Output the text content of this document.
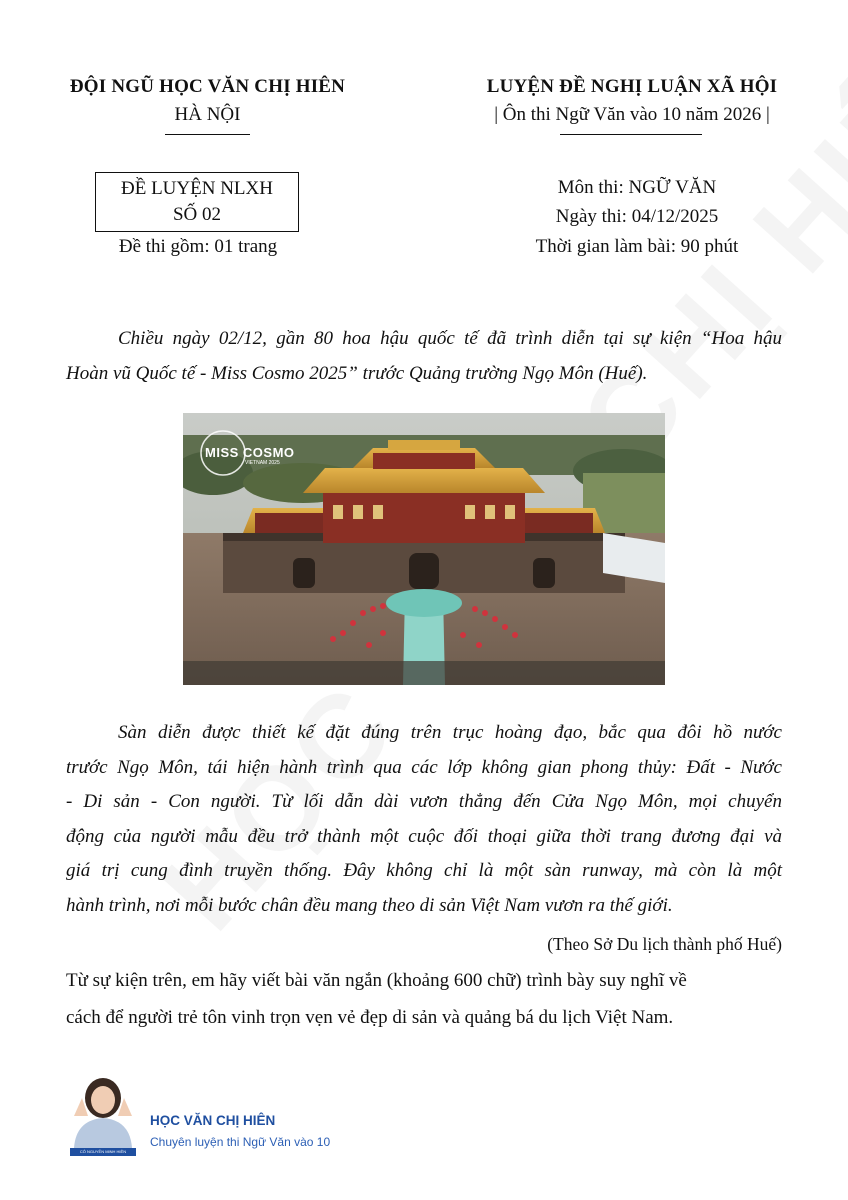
ĐỘI NGŨ HỌC VĂN CHỊ HIÊN
HÀ NỘI
LUYỆN ĐỀ NGHỊ LUẬN XÃ HỘI
| Ôn thi Ngữ Văn vào 10 năm 2026 |
ĐỀ LUYỆN NLXH
SỐ 02
Đề thi gồm: 01 trang
Môn thi: NGỮ VĂN
Ngày thi: 04/12/2025
Thời gian làm bài: 90 phút
Chiều ngày 02/12, gần 80 hoa hậu quốc tế đã trình diễn tại sự kiện “Hoa hậu
Hoàn vũ Quốc tế - Miss Cosmo 2025” trước Quảng trường Ngọ Môn (Huế).
MISS COSMO
VIETNAM 2025
Sàn diễn được thiết kế đặt đúng trên trục hoàng đạo, bắc qua đôi hồ nước
trước Ngọ Môn, tái hiện hành trình qua các lớp không gian phong thủy: Đất - Nước
- Di sản - Con người. Từ lối dẫn dài vươn thẳng đến Cửa Ngọ Môn, mọi chuyển
động của người mẫu đều trở thành một cuộc đối thoại giữa thời trang đương đại và
giá trị cung đình truyền thống. Đây không chỉ là một sàn runway, mà còn là một
hành trình, nơi mỗi bước chân đều mang theo di sản Việt Nam vươn ra thế giới.
(Theo Sở Du lịch thành phố Huế)
Từ sự kiện trên, em hãy viết bài văn ngắn (khoảng 600 chữ) trình bày suy nghĩ về
cách để người trẻ tôn vinh trọn vẹn vẻ đẹp di sản và quảng bá du lịch Việt Nam.
CÔ NGUYỄN MINH HIÊN
HỌC VĂN CHỊ HIÊN
Chuyên luyện thi Ngữ Văn vào 10
